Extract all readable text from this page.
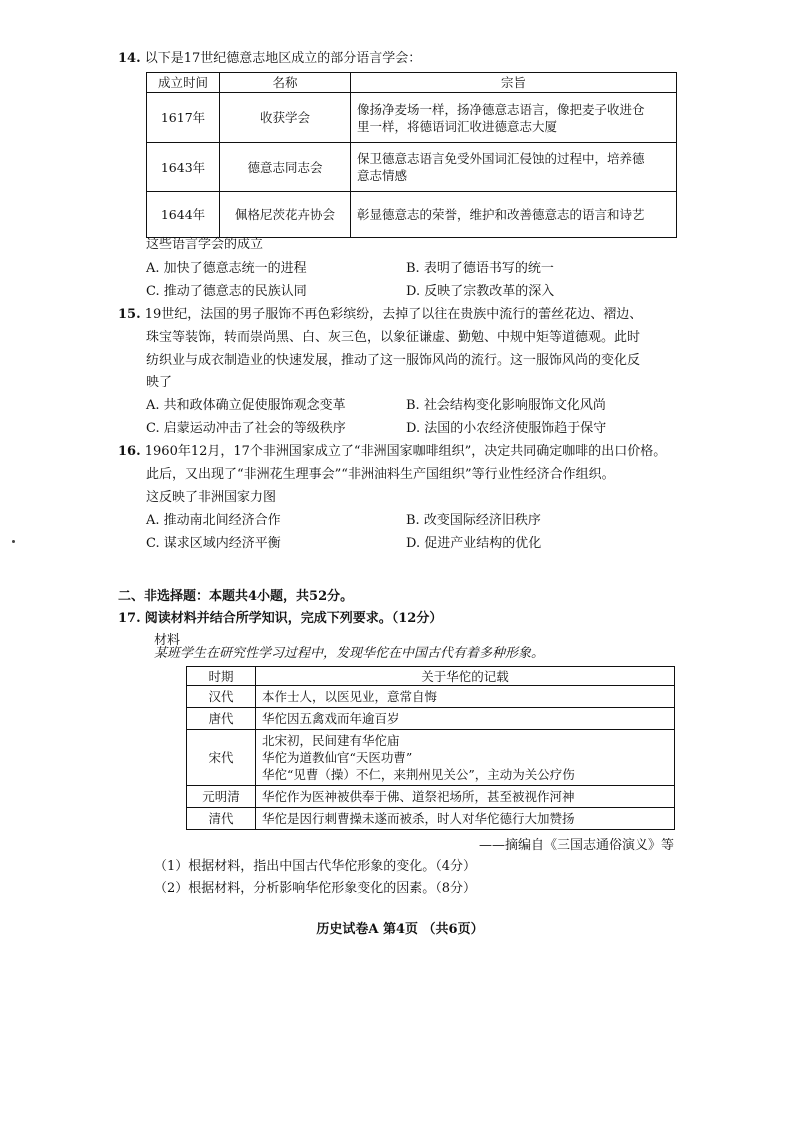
14. 以下是17世纪德意志地区成立的部分语言学会：
成立时间	名称	宗旨
1617年	收获学会	像扬净麦场一样，扬净德意志语言，像把麦子收进仓
里一样，将德语词汇收进德意志大厦

1643年	德意志同志会	保卫德意志语言免受外国词汇侵蚀的过程中，培养德
意志情感

1644年	佩格尼茨花卉协会	彰显德意志的荣誉，维护和改善德意志的语言和诗艺
这些语言学会的成立
A. 加快了德意志统一的进程	B. 表明了德语书写的统一
C. 推动了德意志的民族认同	D. 反映了宗教改革的深入
15. 19世纪，法国的男子服饰不再色彩缤纷，去掉了以往在贵族中流行的蕾丝花边、褶边、
珠宝等装饰，转而崇尚黑、白、灰三色，以象征谦虚、勤勉、中规中矩等道德观。此时
纺织业与成衣制造业的快速发展，推动了这一服饰风尚的流行。这一服饰风尚的变化反
映了
A. 共和政体确立促使服饰观念变革	B. 社会结构变化影响服饰文化风尚
C. 启蒙运动冲击了社会的等级秩序	D. 法国的小农经济使服饰趋于保守
16. 1960年12月，17个非洲国家成立了“非洲国家咖啡组织”，决定共同确定咖啡的出口价格。
此后，又出现了“非洲花生理事会”“非洲油料生产国组织”等行业性经济合作组织。
这反映了非洲国家力图
A. 推动南北间经济合作	B. 改变国际经济旧秩序
C. 谋求区域内经济平衡	D. 促进产业结构的优化
二、非选择题：本题共4小题，共52分。
17. 阅读材料并结合所学知识，完成下列要求。（12分）
材料
某班学生在研究性学习过程中，发现华佗在中国古代有着多种形象。
时期	关于华佗的记载
汉代	本作士人，以医见业，意常自悔
唐代	华佗因五禽戏而年逾百岁
宋代	北宋初，民间建有华佗庙
华佗为道教仙官“天医功曹”
华佗“见曹（操）不仁，来荆州见关公”，主动为关公疗伤

元明清	华佗作为医神被供奉于佛、道祭祀场所，甚至被视作河神
清代	华佗是因行刺曹操未遂而被杀，时人对华佗德行大加赞扬
——摘编自《三国志通俗演义》等
（1）根据材料，指出中国古代华佗形象的变化。（4分）
（2）根据材料，分析影响华佗形象变化的因素。（8分）
历史试卷A 第4页 （共6页）
